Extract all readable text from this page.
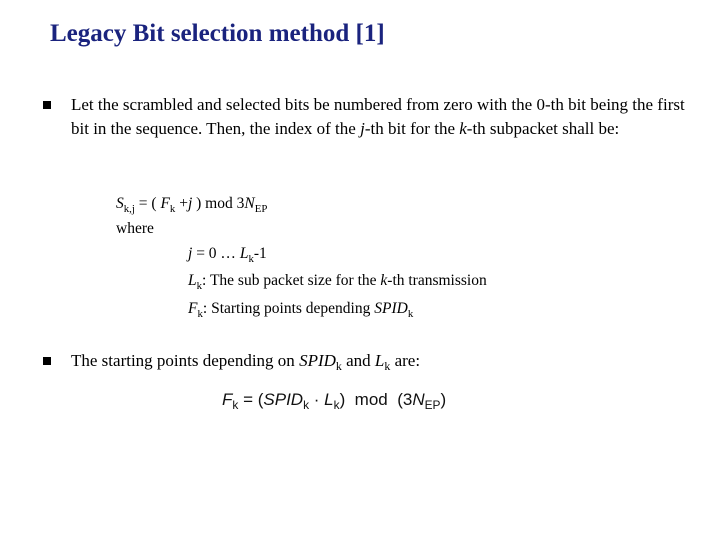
Legacy Bit selection method [1]
Let the scrambled and selected bits be numbered from zero with the 0-th bit being the first bit in the sequence. Then, the index of the j-th bit for the k-th subpacket shall be:
$S_{k,j}$ = ( $F_k +j$ ) mod $3N_{EP}$
where
j = 0 … $L_k-1$
$L_k$: The sub packet size for the k-th transmission
$F_k$: Starting points depending $SPID_k$
The starting points depending on $SPID_k$ and $L_k$ are:
$F_k$ = $(SPID_k \cdot L_k)$  mod  $(3N_{EP})$
